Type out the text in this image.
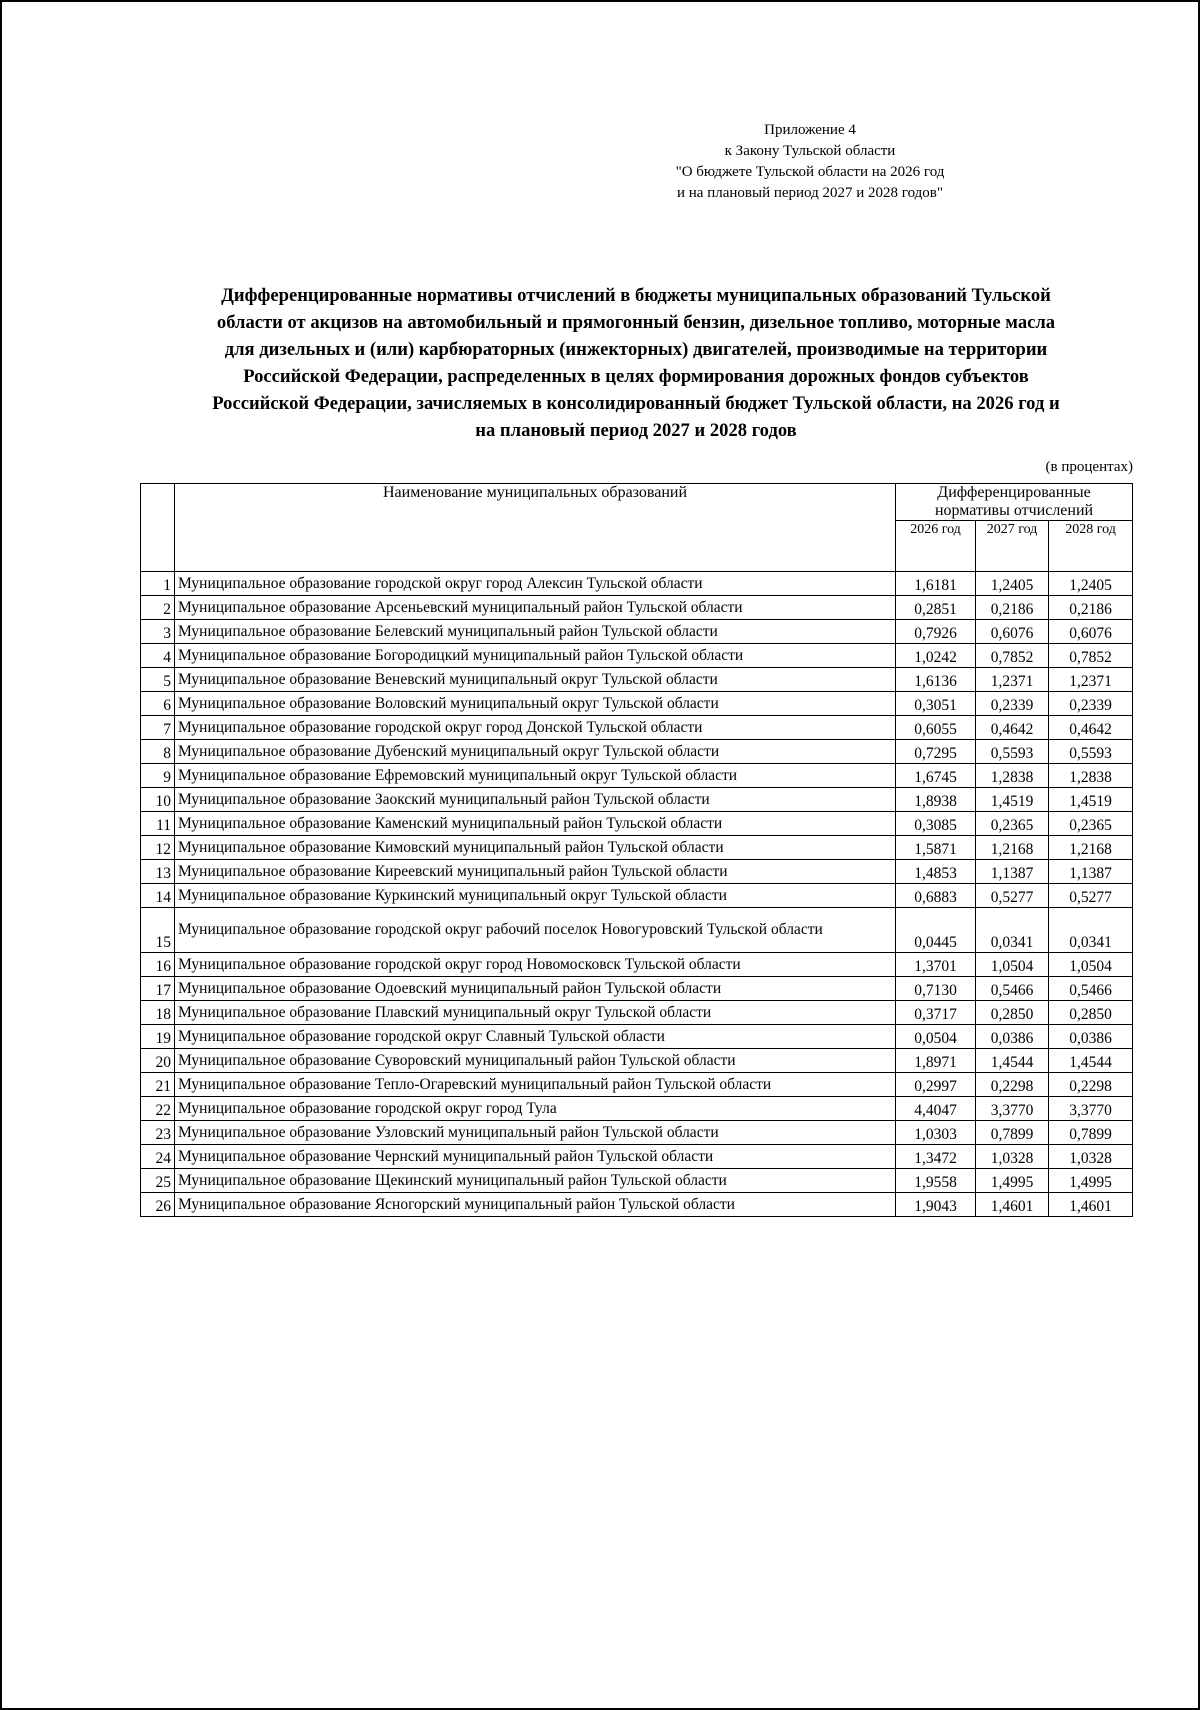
Приложение 4
к Закону Тульской области
"О бюджете Тульской области на 2026 год
и на плановый период 2027 и 2028 годов"
Дифференцированные нормативы отчислений в бюджеты муниципальных образований Тульской
области от акцизов на автомобильный и прямогонный бензин, дизельное топливо, моторные масла
для дизельных и (или) карбюраторных (инжекторных) двигателей, производимые на территории
Российской Федерации, распределенных в целях формирования дорожных фондов субъектов
Российской Федерации, зачисляемых в консолидированный бюджет Тульской области, на 2026 год и
на плановый период 2027 и 2028 годов
(в процентах)
	Наименование муниципальных образований	Дифференцированные нормативы отчислений		
		2026 год	2027 год	2028 год
1	Муниципальное образование городской округ город Алексин Тульской области	1,6181	1,2405	1,2405
2	Муниципальное образование Арсеньевский муниципальный район Тульской области	0,2851	0,2186	0,2186
3	Муниципальное образование Белевский муниципальный район Тульской области	0,7926	0,6076	0,6076
4	Муниципальное образование Богородицкий муниципальный район Тульской области	1,0242	0,7852	0,7852
5	Муниципальное образование Веневский муниципальный округ Тульской области	1,6136	1,2371	1,2371
6	Муниципальное образование Воловский муниципальный округ Тульской области	0,3051	0,2339	0,2339
7	Муниципальное образование городской округ город Донской Тульской области	0,6055	0,4642	0,4642
8	Муниципальное образование Дубенский муниципальный округ Тульской области	0,7295	0,5593	0,5593
9	Муниципальное образование Ефремовский муниципальный округ Тульской области	1,6745	1,2838	1,2838
10	Муниципальное образование Заокский муниципальный район Тульской области	1,8938	1,4519	1,4519
11	Муниципальное образование Каменский муниципальный район Тульской области	0,3085	0,2365	0,2365
12	Муниципальное образование Кимовский муниципальный район Тульской области	1,5871	1,2168	1,2168
13	Муниципальное образование Киреевский муниципальный район Тульской области	1,4853	1,1387	1,1387
14	Муниципальное образование Куркинский муниципальный округ Тульской области	0,6883	0,5277	0,5277
15	Муниципальное образование городской округ рабочий поселок Новогуровский Тульской области	0,0445	0,0341	0,0341
16	Муниципальное образование городской округ город Новомосковск Тульской области	1,3701	1,0504	1,0504
17	Муниципальное образование Одоевский муниципальный район Тульской области	0,7130	0,5466	0,5466
18	Муниципальное образование Плавский муниципальный округ Тульской области	0,3717	0,2850	0,2850
19	Муниципальное образование городской округ Славный Тульской области	0,0504	0,0386	0,0386
20	Муниципальное образование Суворовский муниципальный район Тульской области	1,8971	1,4544	1,4544
21	Муниципальное образование Тепло-Огаревский муниципальный район Тульской области	0,2997	0,2298	0,2298
22	Муниципальное образование городской округ город Тула	4,4047	3,3770	3,3770
23	Муниципальное образование Узловский муниципальный район Тульской области	1,0303	0,7899	0,7899
24	Муниципальное образование Чернский муниципальный район Тульской области	1,3472	1,0328	1,0328
25	Муниципальное образование Щекинский муниципальный район Тульской области	1,9558	1,4995	1,4995
26	Муниципальное образование Ясногорский муниципальный район Тульской области	1,9043	1,4601	1,4601
